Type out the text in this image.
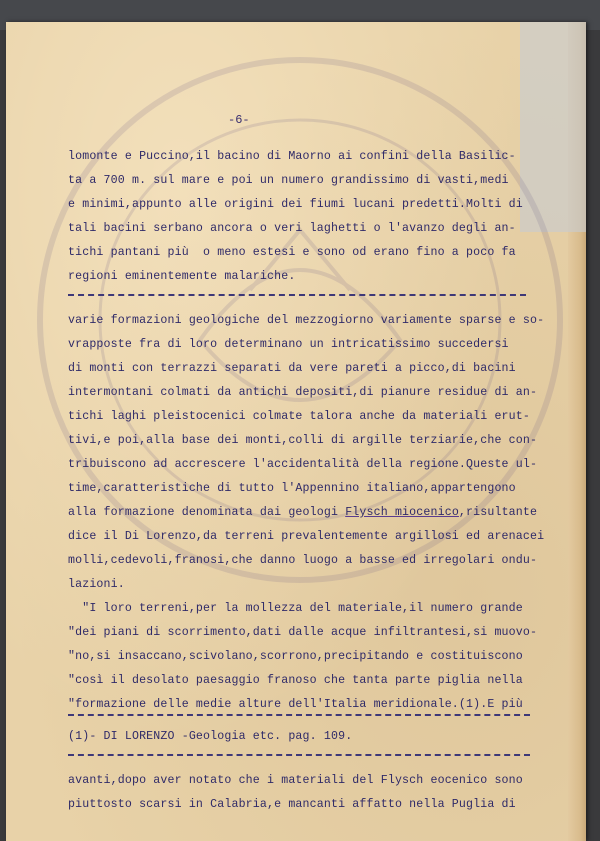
-6-
lomonte e Puccino,il bacino di Maorno ai confini della Basilic-
ta a 700 m. sul mare e poi un numero grandissimo di vasti,medi
e minimi,appunto alle origini dei fiumi lucani predetti.Molti di
tali bacini serbano ancora o veri laghetti o l'avanzo degli an-
tichi pantani più  o meno estesi e sono od erano fino a poco fa
regioni eminentemente malariche.
varie formazioni geologiche del mezzogiorno variamente sparse e so-
vrapposte fra di loro determinano un intricatissimo succedersi
di monti con terrazzi separati da vere pareti a picco,di bacini
intermontani colmati da antichi depositi,di pianure residue di an-
tichi laghi pleistocenici colmate talora anche da materiali erut-
tivi,e poi,alla base dei monti,colli di argille terziarie,che con-
tribuiscono ad accrescere l'accidentalità della regione.Queste ul-
time,caratteristiche di tutto l'Appennino italiano,appartengono
alla formazione denominata dai geologi Flysch miocenico,risultante
dice il Di Lorenzo,da terreni prevalentemente argillosi ed arenacei
molli,cedevoli,franosi,che danno luogo a basse ed irregolari ondu-
lazioni.
"I loro terreni,per la mollezza del materiale,il numero grande
"dei piani di scorrimento,dati dalle acque infiltrantesi,si muovo-
"no,si insaccano,scivolano,scorrono,precipitando e costituiscono
"così il desolato paesaggio franoso che tanta parte piglia nella
"formazione delle medie alture dell'Italia meridionale.(1).E più
(1)- DI LORENZO -Geologia etc. pag. 109.
avanti,dopo aver notato che i materiali del Flysch eocenico sono
piuttosto scarsi in Calabria,e mancanti affatto nella Puglia di
